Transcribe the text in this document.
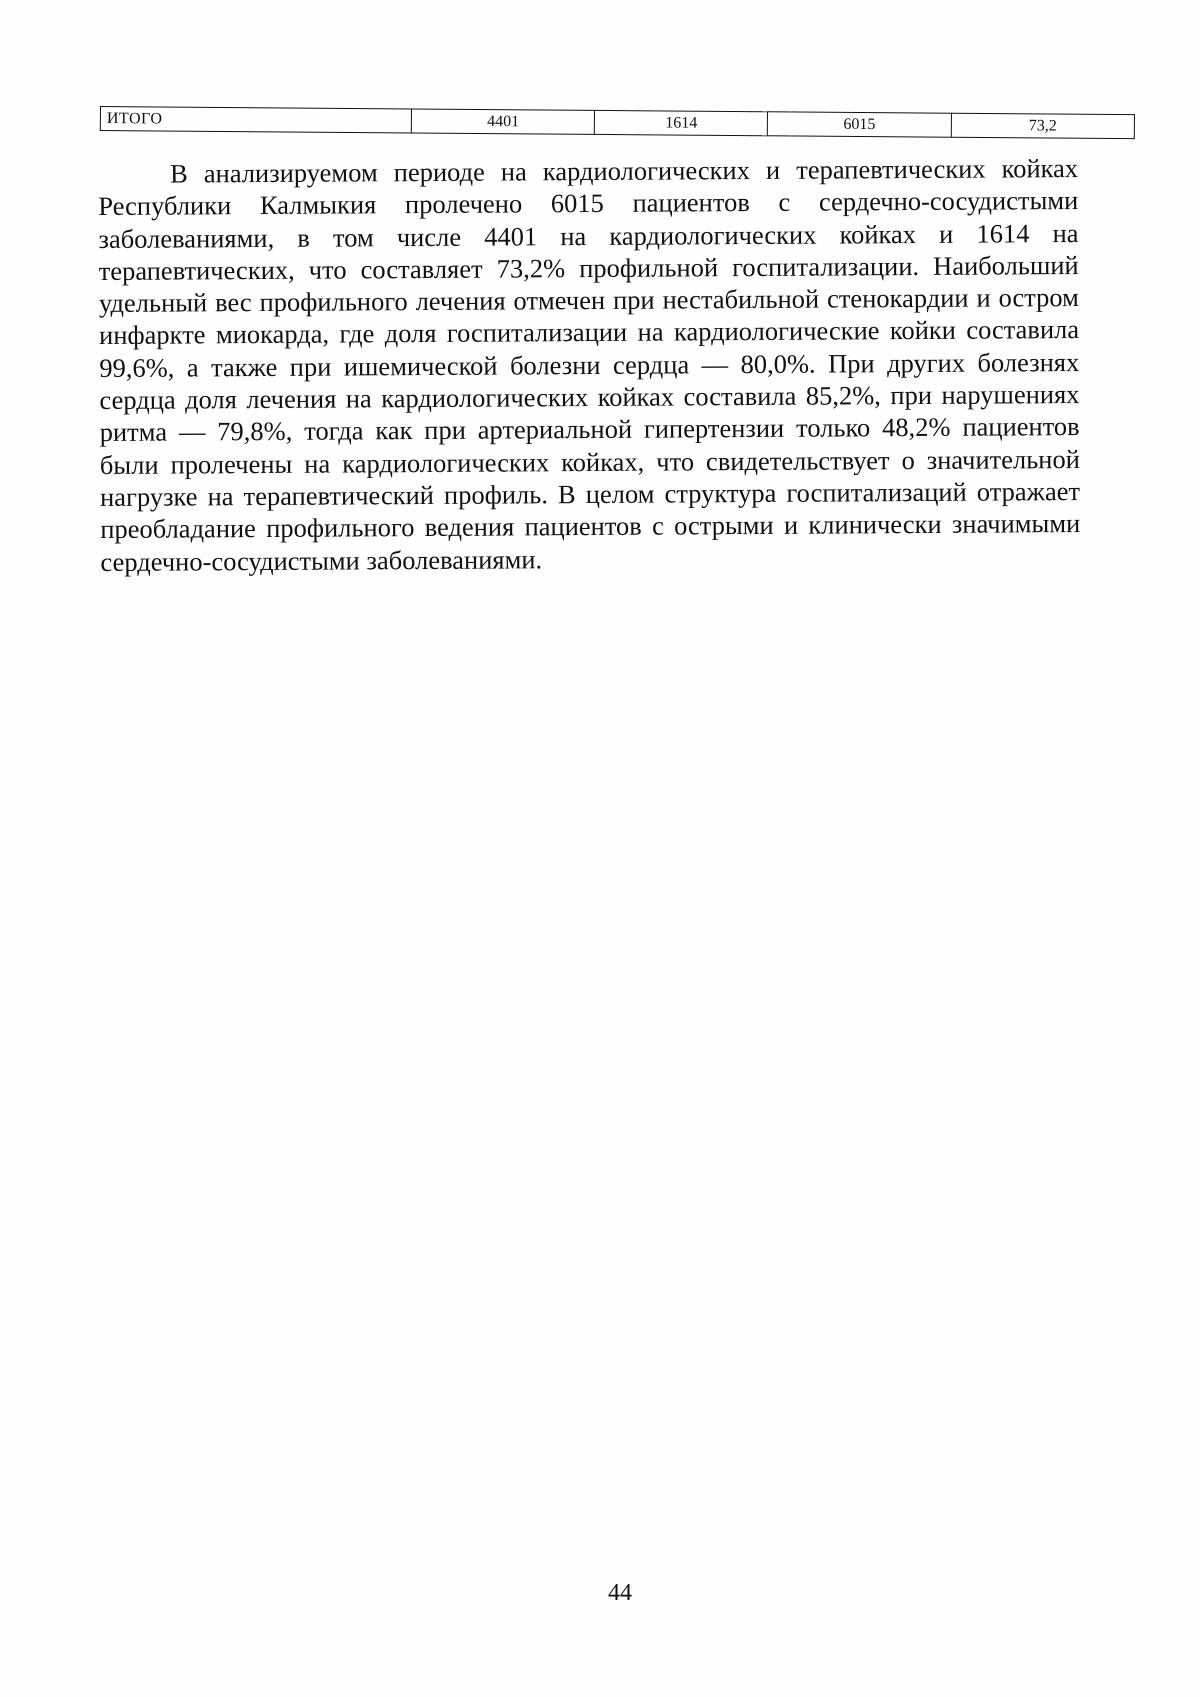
ИТОГО	4401	1614	6015	73,2

В анализируемом периоде на кардиологических и терапевтических койках Республики Калмыкия пролечено 6015 пациентов с сердечно-сосудистыми заболеваниями, в том числе 4401 на кардиологических койках и 1614 на терапевтических, что составляет 73,2% профильной госпитализации. Наибольший удельный вес профильного лечения отмечен при нестабильной стенокардии и остром инфаркте миокарда, где доля госпитализации на кардиологические койки составила 99,6%, а также при ишемической болезни сердца — 80,0%. При других болезнях сердца доля лечения на кардиологических койках составила 85,2%, при нарушениях ритма — 79,8%, тогда как при артериальной гипертензии только 48,2% пациентов были пролечены на кардиологических койках, что свидетельствует о значительной нагрузке на терапевтический профиль. В целом структура госпитализаций отражает преобладание профильного ведения пациентов с острыми и клинически значимыми сердечно-сосудистыми заболеваниями.

44
